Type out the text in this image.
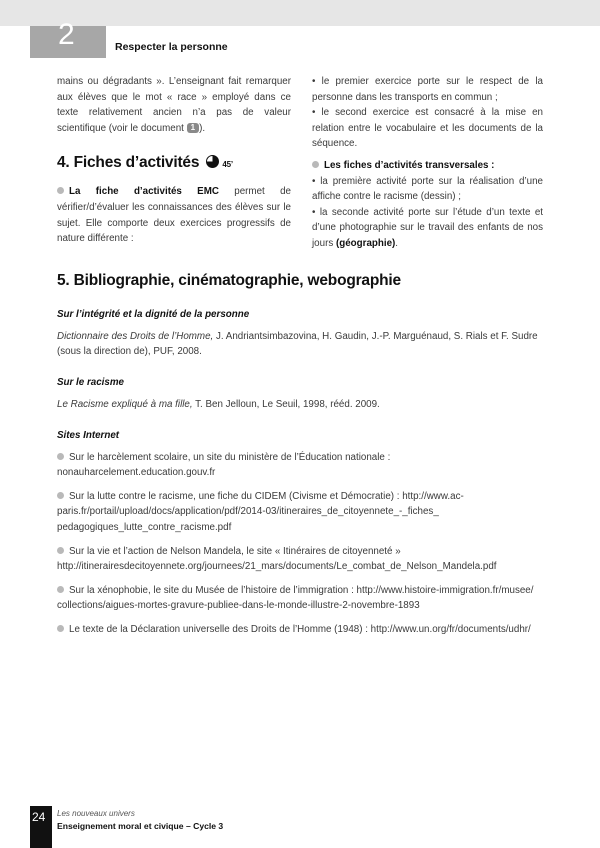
2	Respecter la personne

mains ou dégradants ». L’enseignant fait remarquer aux élèves que le mot « race » employé dans ce texte relativement ancien n’a pas de valeur scientifique (voir le document 1 ).

4. Fiches d’activités	45’

La fiche d’activités EMC permet de vérifier/d’évaluer les connaissances des élèves sur le sujet. Elle comporte deux exercices progressifs de nature différente :

• le premier exercice porte sur le respect de la personne dans les transports en commun ;

• le second exercice est consacré à la mise en relation entre le vocabulaire et les documents de la séquence.

Les fiches d’activités transversales :

• la première activité porte sur la réalisation d’une affiche contre le racisme (dessin) ;

• la seconde activité porte sur l’étude d’un texte et d’une photographie sur le travail des enfants de nos jours (géographie).

5. Bibliographie, cinématographie, webographie
Sur l’intégrité et la dignité de la personne
Dictionnaire des Droits de l’Homme, J. Andriantsimbazovina, H. Gaudin, J.-P. Marguénaud, S. Rials et F. Sudre (sous la direction de), PUF, 2008.
Sur le racisme
Le Racisme expliqué à ma fille, T. Ben Jelloun, Le Seuil, 1998, rééd. 2009.
Sites Internet
Sur le harcèlement scolaire, un site du ministère de l’Éducation nationale : nonauharcelement.education.gouv.fr
Sur la lutte contre le racisme, une fiche du CIDEM (Civisme et Démocratie) : http://www.ac-paris.fr/portail/upload/docs/application/pdf/2014-03/itineraires_de_citoyennete_-_fiches_ pedagogiques_lutte_contre_racisme.pdf
Sur la vie et l’action de Nelson Mandela, le site « Itinéraires de citoyenneté » http://itinerairesdecitoyennete.org/journees/21_mars/documents/Le_combat_de_Nelson_Mandela.pdf
Sur la xénophobie, le site du Musée de l’histoire de l’immigration : http://www.histoire-immigration.fr/musee/ collections/aigues-mortes-gravure-publiee-dans-le-monde-illustre-2-novembre-1893
Le texte de la Déclaration universelle des Droits de l’Homme (1948) : http://www.un.org/fr/documents/udhr/
24 Les nouveaux univers
Enseignement moral et civique – Cycle 3
